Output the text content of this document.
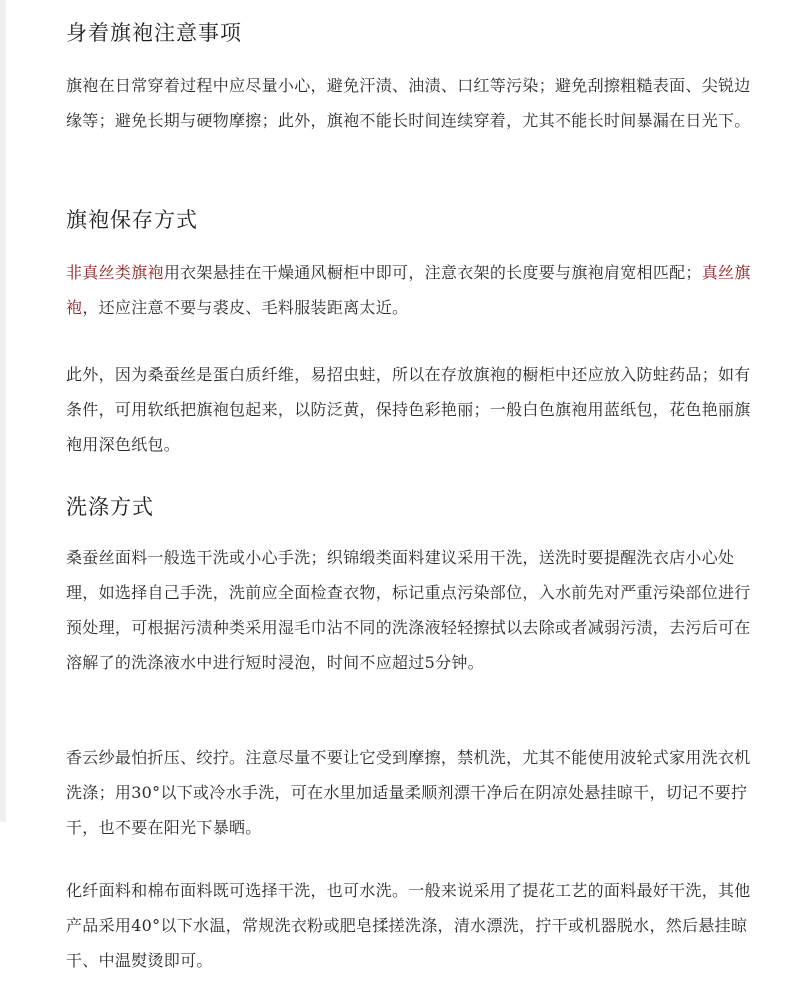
身着旗袍注意事项

旗袍在日常穿着过程中应尽量小心，避免汗渍、油渍、口红等污染；避免刮擦粗糙表面、尖锐边缘等；避免长期与硬物摩擦；此外，旗袍不能长时间连续穿着，尤其不能长时间暴漏在日光下。

旗袍保存方式

非真丝类旗袍用衣架悬挂在干燥通风橱柜中即可，注意衣架的长度要与旗袍肩宽相匹配；真丝旗袍，还应注意不要与裘皮、毛料服装距离太近。

此外，因为桑蚕丝是蛋白质纤维，易招虫蛀，所以在存放旗袍的橱柜中还应放入防蛀药品；如有条件，可用软纸把旗袍包起来，以防泛黄，保持色彩艳丽；一般白色旗袍用蓝纸包，花色艳丽旗袍用深色纸包。

洗涤方式

桑蚕丝面料一般选干洗或小心手洗；织锦缎类面料建议采用干洗，送洗时要提醒洗衣店小心处理，如选择自己手洗，洗前应全面检查衣物，标记重点污染部位，入水前先对严重污染部位进行预处理，可根据污渍种类采用湿毛巾沾不同的洗涤液轻轻擦拭以去除或者减弱污渍，去污后可在溶解了的洗涤液水中进行短时浸泡，时间不应超过5分钟。

香云纱最怕折压、绞拧。注意尽量不要让它受到摩擦，禁机洗，尤其不能使用波轮式家用洗衣机洗涤；用30°以下或冷水手洗，可在水里加适量柔顺剂漂干净后在阴凉处悬挂晾干，切记不要拧干，也不要在阳光下暴晒。

化纤面料和棉布面料既可选择干洗，也可水洗。一般来说采用了提花工艺的面料最好干洗，其他产品采用40°以下水温，常规洗衣粉或肥皂揉搓洗涤，清水漂洗，拧干或机器脱水，然后悬挂晾干、中温熨烫即可。
